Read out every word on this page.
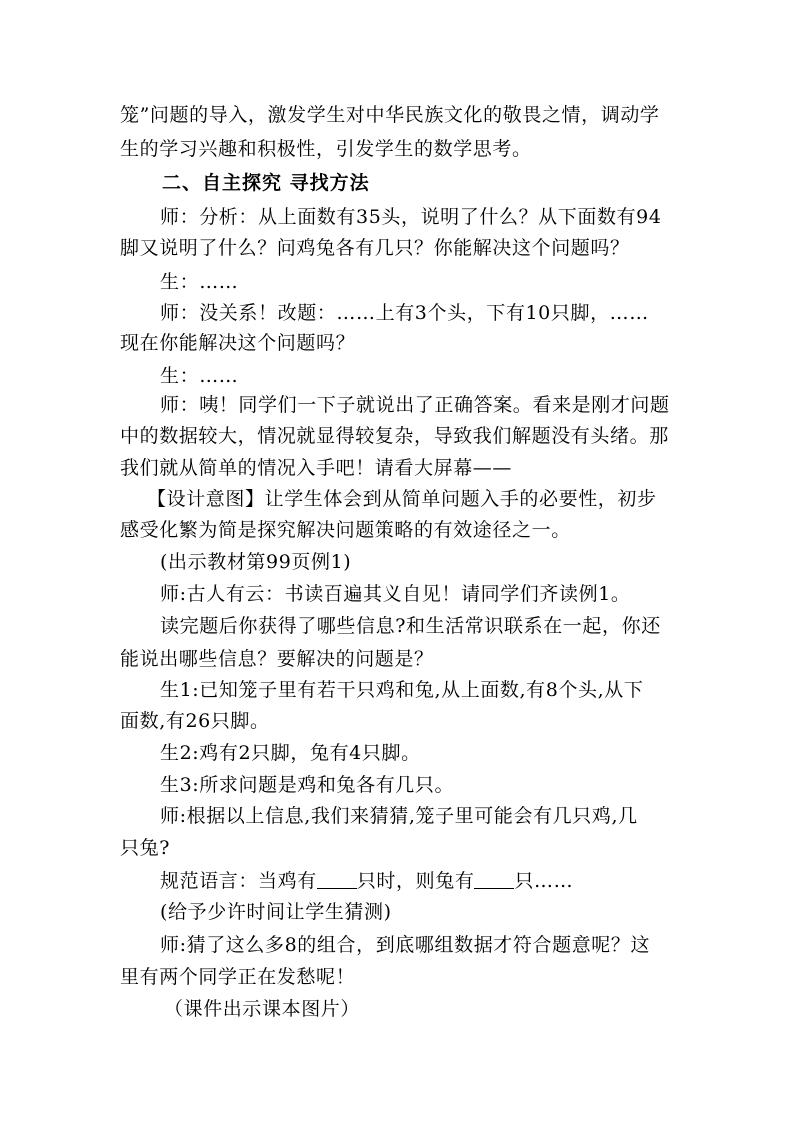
笼”问题的导入，激发学生对中华民族文化的敬畏之情，调动学
生的学习兴趣和积极性，引发学生的数学思考。
二、自主探究 寻找方法
师：分析：从上面数有35头，说明了什么？从下面数有94
脚又说明了什么？问鸡兔各有几只？你能解决这个问题吗？
生：……
师：没关系！改题：……上有3个头，下有10只脚，……
现在你能解决这个问题吗？
生：……
师：咦！同学们一下子就说出了正确答案。看来是刚才问题
中的数据较大，情况就显得较复杂，导致我们解题没有头绪。那
我们就从简单的情况入手吧！请看大屏幕——
【设计意图】让学生体会到从简单问题入手的必要性，初步
感受化繁为简是探究解决问题策略的有效途径之一。
(出示教材第99页例1)
师:古人有云：书读百遍其义自见！请同学们齐读例1。
读完题后你获得了哪些信息?和生活常识联系在一起，你还
能说出哪些信息？要解决的问题是？
生1:已知笼子里有若干只鸡和兔,从上面数,有8个头,从下
面数,有26只脚。
生2:鸡有2只脚，兔有4只脚。
生3:所求问题是鸡和兔各有几只。
师:根据以上信息,我们来猜猜,笼子里可能会有几只鸡,几
只兔?
规范语言：当鸡有 只时，则兔有 只……
(给予少许时间让学生猜测)
师:猜了这么多8的组合，到底哪组数据才符合题意呢？这
里有两个同学正在发愁呢！
（课件出示课本图片）
